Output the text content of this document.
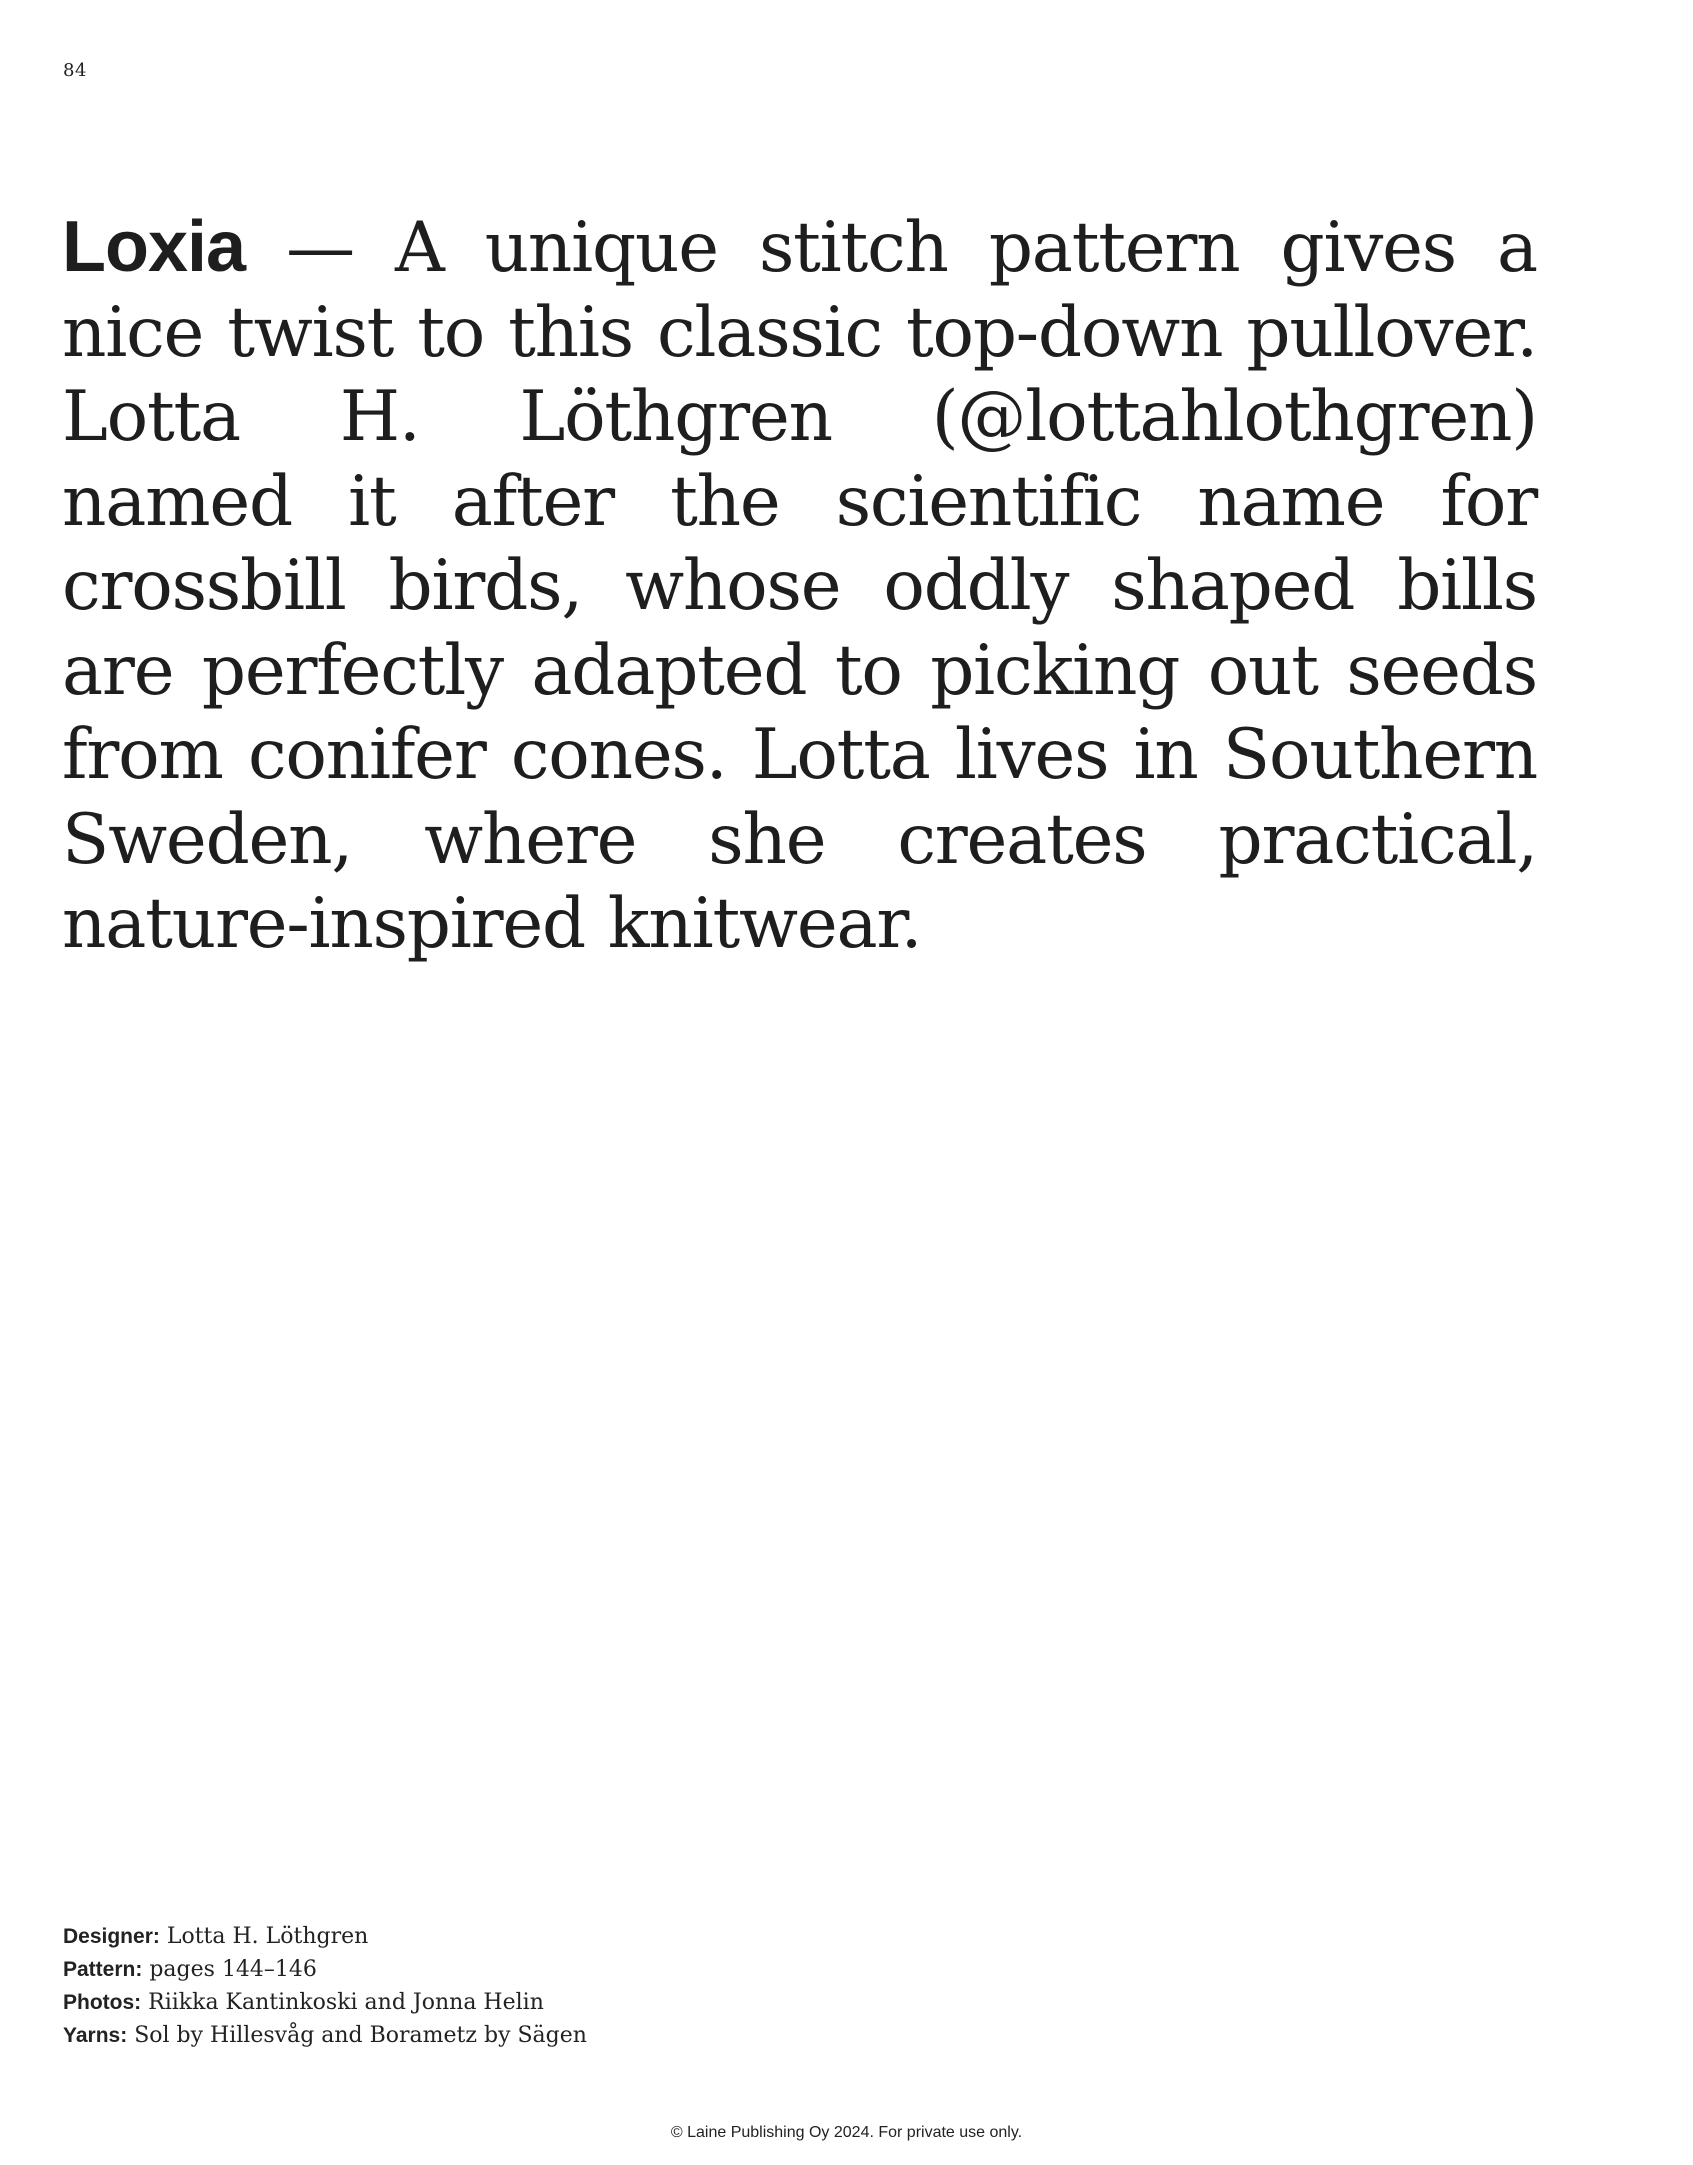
84

Loxia — A unique stitch pattern gives a nice twist to this classic top-down pullover. Lotta H. Löthgren (@lottahlothgren) named it after the scientific name for crossbill birds, whose oddly shaped bills are perfectly adapted to picking out seeds from conifer cones. Lotta lives in Southern Sweden, where she creates practical, nature-inspired knitwear.

Designer: Lotta H. Löthgren
Pattern: pages 144–146
Photos: Riikka Kantinkoski and Jonna Helin
Yarns: Sol by Hillesvåg and Borametz by Sägen
© Laine Publishing Oy 2024. For private use only.
